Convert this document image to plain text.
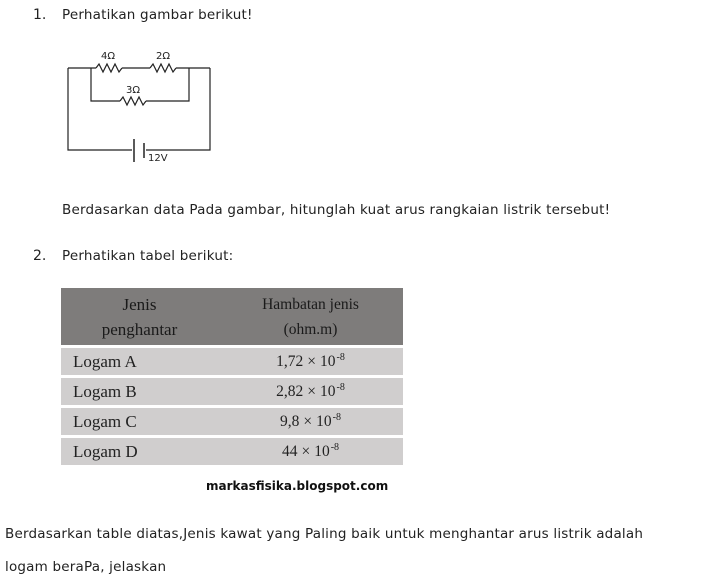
1. Perhatikan gambar berikut!
4Ω	2Ω
3Ω
12V
Berdasarkan data Pada gambar, hitunglah kuat arus rangkaian listrik tersebut!
2. Perhatikan tabel berikut:
Jenis
penghantar	Hambatan jenis
(ohm.m)
Logam A	$1,72 \times 10^{-8}$
Logam B	$2,82 \times 10^{-8}$
Logam C	$9,8 \times 10^{-8}$
Logam D	$44 \times 10^{-8}$
markasfisika.blogspot.com
Berdasarkan table diatas,Jenis kawat yang Paling baik untuk menghantar arus listrik adalah
logam beraPa, jelaskan
